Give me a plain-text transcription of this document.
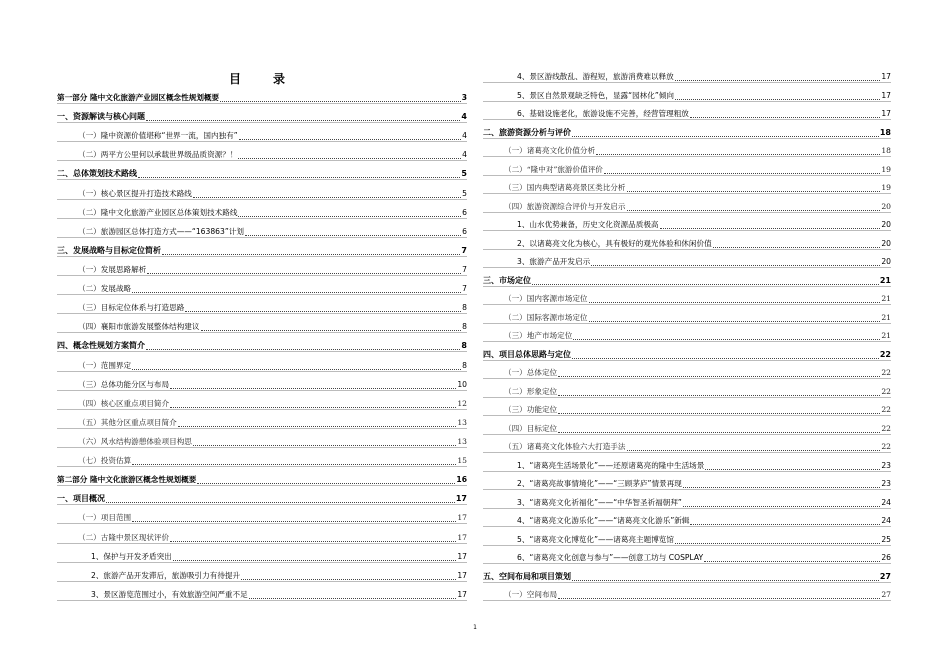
目　录
第一部分 隆中文化旅游产业园区概念性规划概要	3
一、资源解读与核心问题	4
（一）隆中资源价值堪称“世界一流，国内独有”	4
（二）两平方公里何以承载世界级品质资源？！	4
二、总体策划技术路线	5
（一）核心景区提升打造技术路线	5
（二）隆中文化旅游产业园区总体策划技术路线	6
（二）旅游园区总体打造方式——“163863”计划	6
三、发展战略与目标定位简析	7
（一）发展思路解析	7
（二）发展战略	7
（三）目标定位体系与打造思路	8
（四）襄阳市旅游发展整体结构建议	8
四、概念性规划方案简介	8
（一）范围界定	8
（三）总体功能分区与布局	10
（四）核心区重点项目简介	12
（五）其他分区重点项目简介	13
（六）风水结构游憩体验项目构思	13
（七）投资估算	15
第二部分 隆中文化旅游区概念性规划概要	16
一、项目概况	17
（一）项目范围	17
（二）古隆中景区现状评价	17
1、保护与开发矛盾突出	17
2、旅游产品开发滞后，旅游吸引力有待提升	17
3、景区游览范围过小，有效旅游空间严重不足	17
4、景区游线散乱、游程短，旅游消费难以释放	17
5、景区自然景观缺乏特色，显露“园林化”倾向	17
6、基础设施老化，旅游设施不完善，经营管理粗放	17
二、旅游资源分析与评价	18
（一）诸葛亮文化价值分析	18
（二）“隆中对”旅游价值评价	19
（三）国内典型诸葛亮景区类比分析	19
（四）旅游资源综合评价与开发启示	20
1、山水优势兼备，历史文化资源品质极高	20
2、以诸葛亮文化为核心，具有极好的观光体验和休闲价值	20
3、旅游产品开发启示	20
三、市场定位	21
（一）国内客源市场定位	21
（二）国际客源市场定位	21
（三）地产市场定位	21
四、项目总体思路与定位	22
（一）总体定位	22
（二）形象定位	22
（三）功能定位	22
（四）目标定位	22
（五）诸葛亮文化体验六大打造手法	22
1、“诸葛亮生活场景化”——还原诸葛亮的隆中生活场景	23
2、“诸葛亮故事情境化”——“三顾茅庐”情景再现	23
3、“诸葛亮文化祈福化”——“中华智圣祈福朝拜”	24
4、“诸葛亮文化游乐化”——“诸葛亮文化游乐”新辑	24
5、“诸葛亮文化博览化”——诸葛亮主题博览馆	25
6、“诸葛亮文化创意与参与”——创意工坊与 COSPLAY	26
五、空间布局和项目策划	27
（一）空间布局	27
1
